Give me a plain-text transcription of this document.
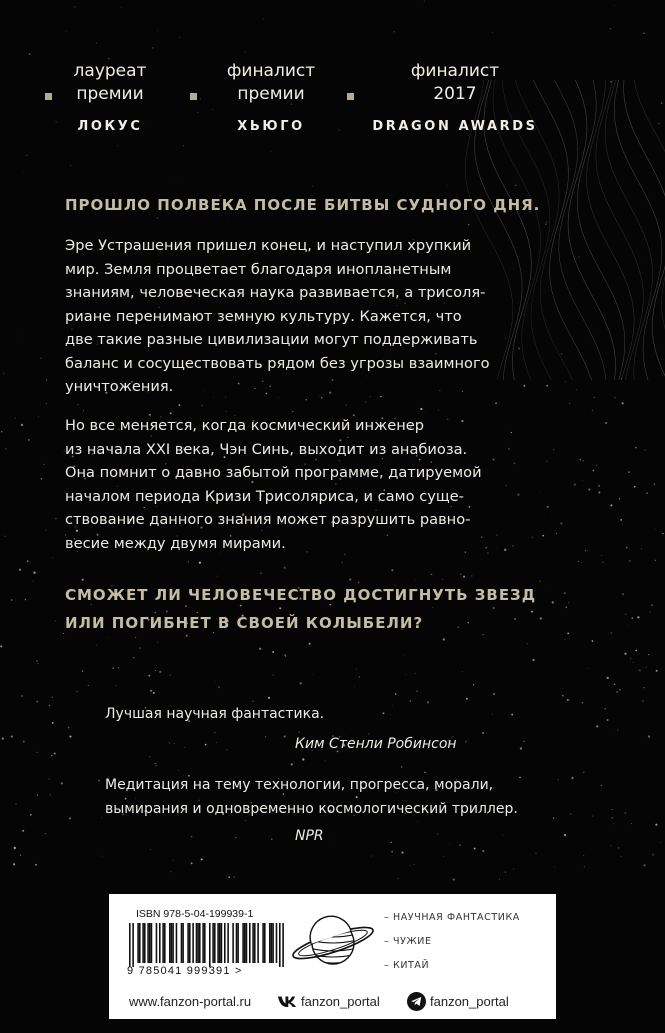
лауреат
премии
ЛОКУС
финалист
премии
ХЬЮГО
финалист
2017
DRAGON AWARDS

ПРОШЛО ПОЛВЕКА ПОСЛЕ БИТВЫ СУДНОГО ДНЯ.

Эре Устрашения пришел конец, и наступил хрупкий
мир. Земля процветает благодаря инопланетным
знаниям, человеческая наука развивается, а трисоля-
риане перенимают земную культуру. Кажется, что
две такие разные цивилизации могут поддерживать
баланс и сосуществовать рядом без угрозы взаимного
уничтожения.
Но все меняется, когда космический инженер
из начала XXI века, Чэн Синь, выходит из анабиоза.
Она помнит о давно забытой программе, датируемой
началом периода Кризи Трисоляриса, и само суще-
ствование данного знания может разрушить равно-
весие между двумя мирами.

СМОЖЕТ ЛИ ЧЕЛОВЕЧЕСТВО ДОСТИГНУТЬ ЗВЕЗД

ИЛИ ПОГИБНЕТ В СВОЕЙ КОЛЫБЕЛИ?

Лучшая научная фантастика.
Ким Стенли Робинсон
Медитация на тему технологии, прогресса, морали,
вымирания и одновременно космологический триллер.
NPR
ISBN 978-5-04-199939-1
9 785041 999391 >
– НАУЧНАЯ ФАНТАСТИКА
– ЧУЖИЕ
– КИТАЙ
www.fanzon-portal.ru	fanzon_portal	fanzon_portal
